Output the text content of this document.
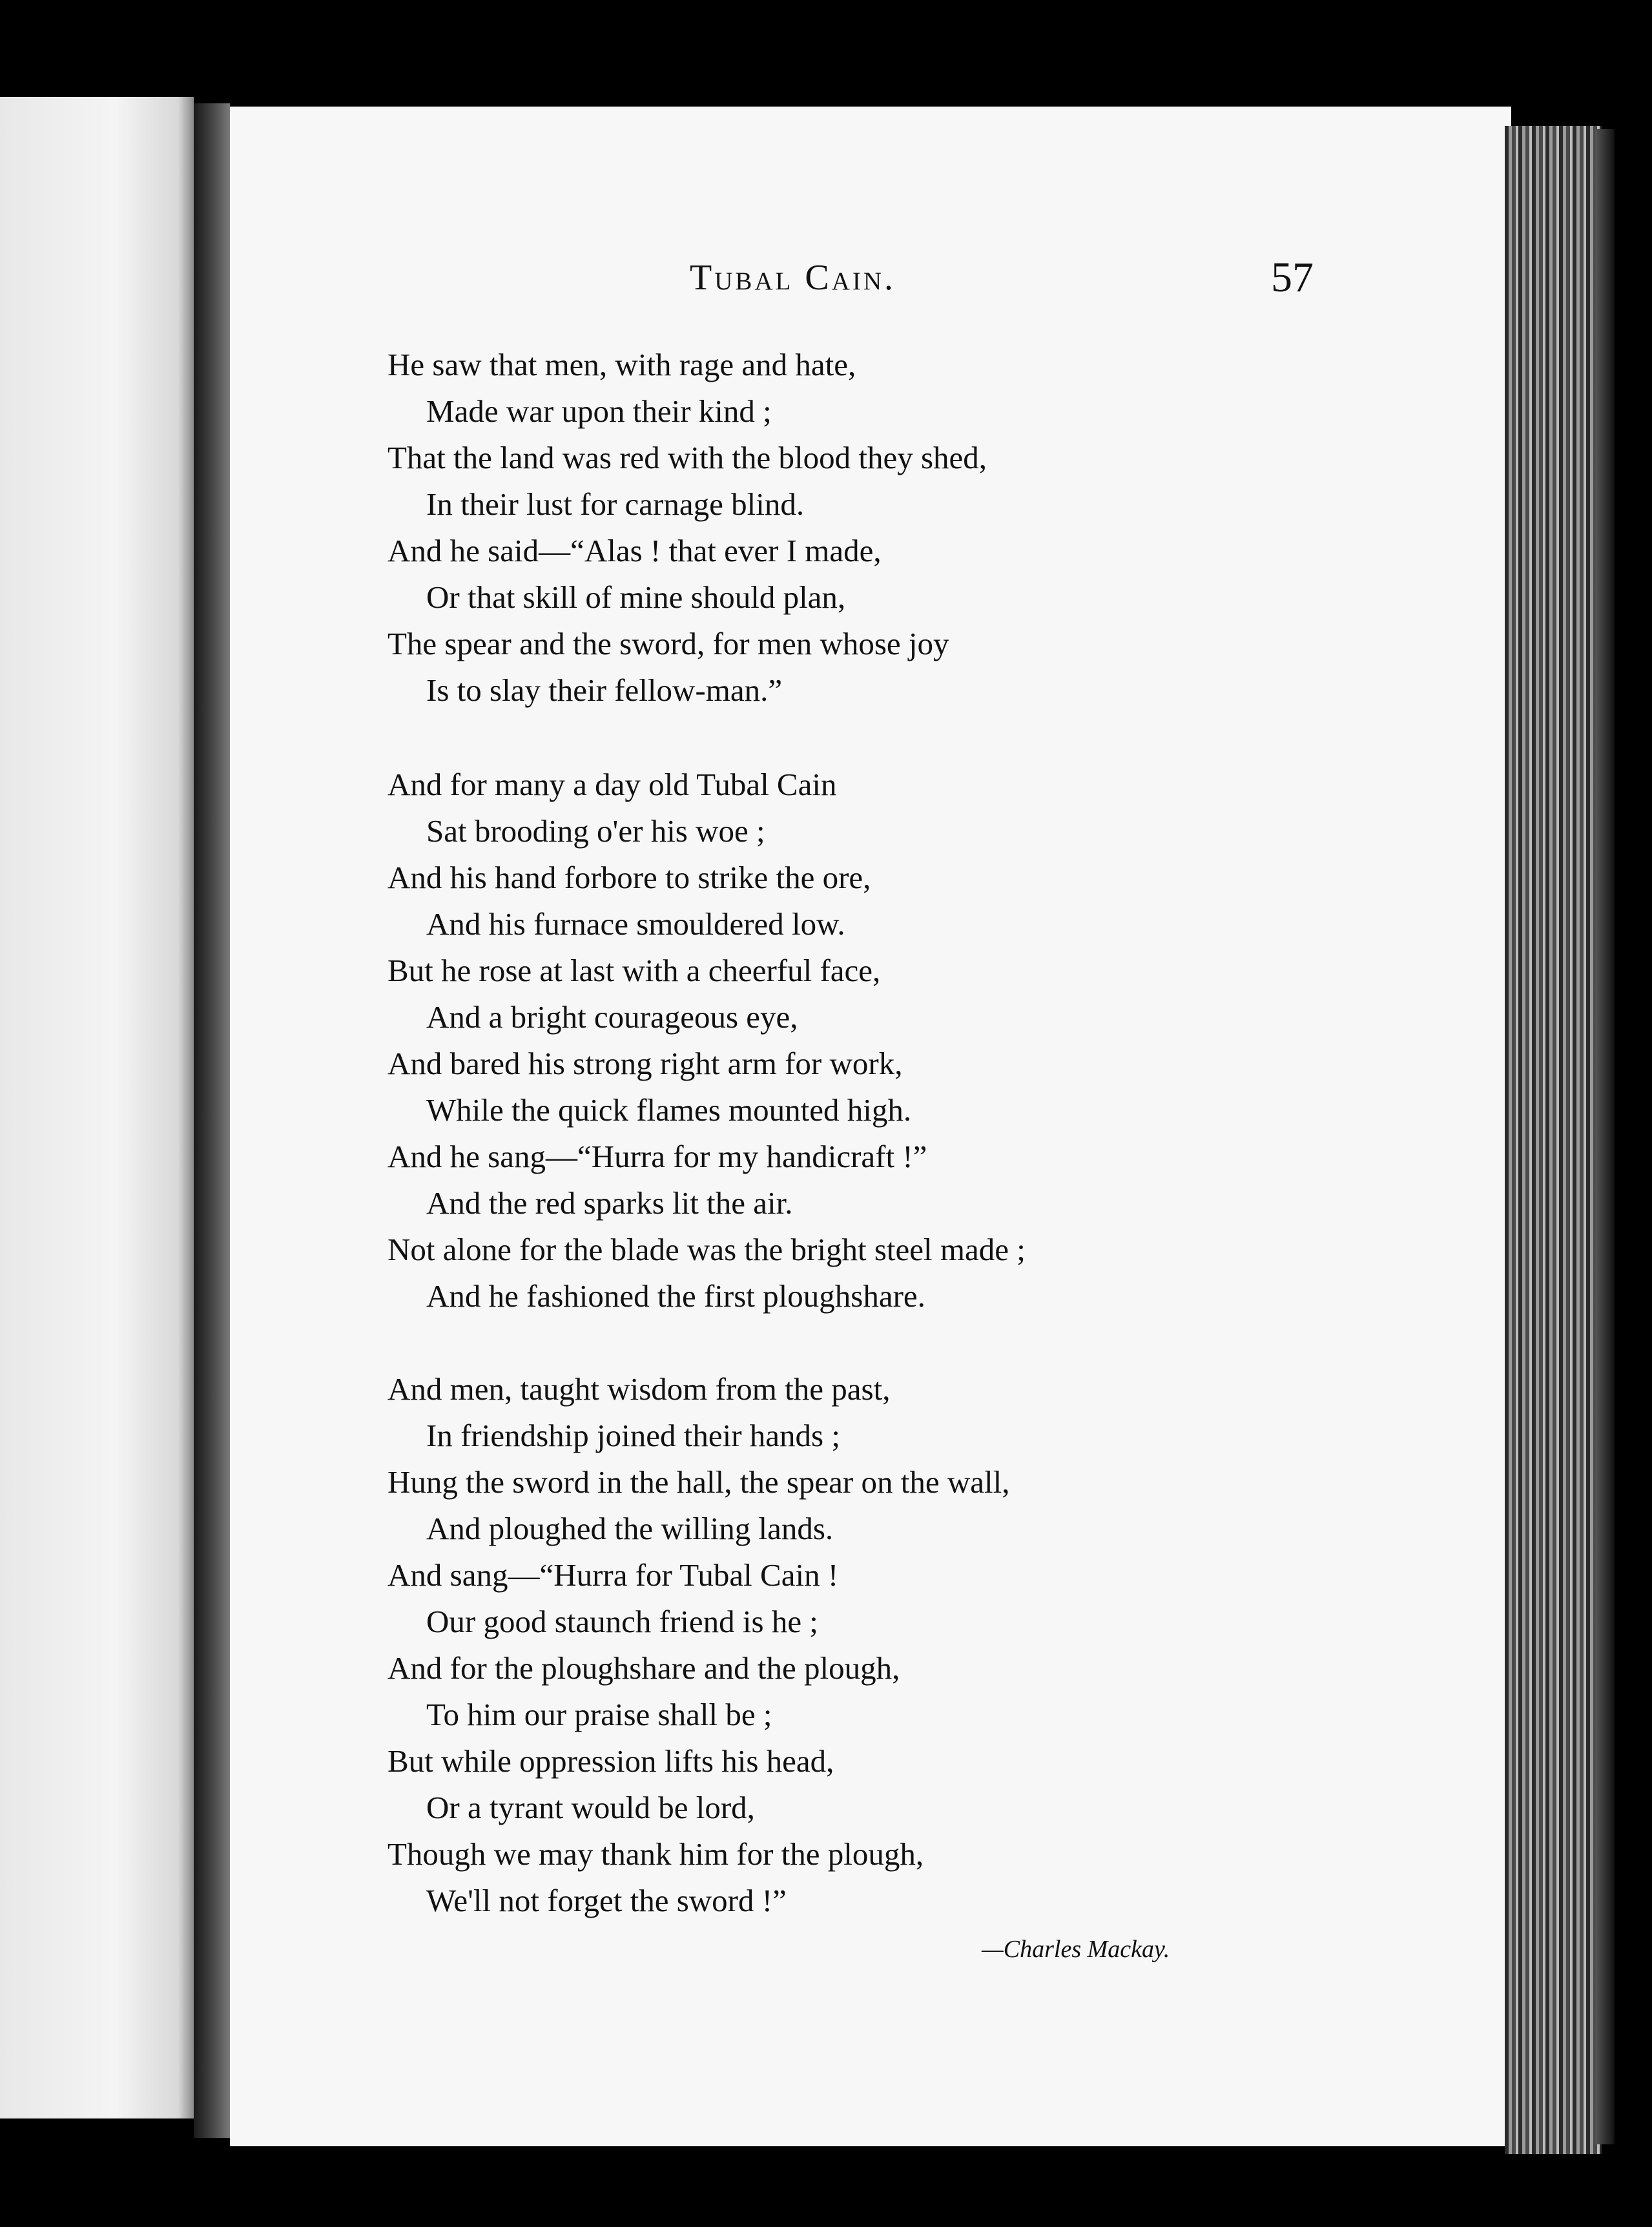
Tubal Cain.	57
He saw that men, with rage and hate,
Made war upon their kind ;
That the land was red with the blood they shed,
In their lust for carnage blind.
And he said—“Alas ! that ever I made,
Or that skill of mine should plan,
The spear and the sword, for men whose joy
Is to slay their fellow-man.”
And for many a day old Tubal Cain
Sat brooding o'er his woe ;
And his hand forbore to strike the ore,
And his furnace smouldered low.
But he rose at last with a cheerful face,
And a bright courageous eye,
And bared his strong right arm for work,
While the quick flames mounted high.
And he sang—“Hurra for my handicraft !”
And the red sparks lit the air.
Not alone for the blade was the bright steel made ;
And he fashioned the first ploughshare.
And men, taught wisdom from the past,
In friendship joined their hands ;
Hung the sword in the hall, the spear on the wall,
And ploughed the willing lands.
And sang—“Hurra for Tubal Cain !
Our good staunch friend is he ;
And for the ploughshare and the plough,
To him our praise shall be ;
But while oppression lifts his head,
Or a tyrant would be lord,
Though we may thank him for the plough,
We'll not forget the sword !”
—Charles Mackay.
